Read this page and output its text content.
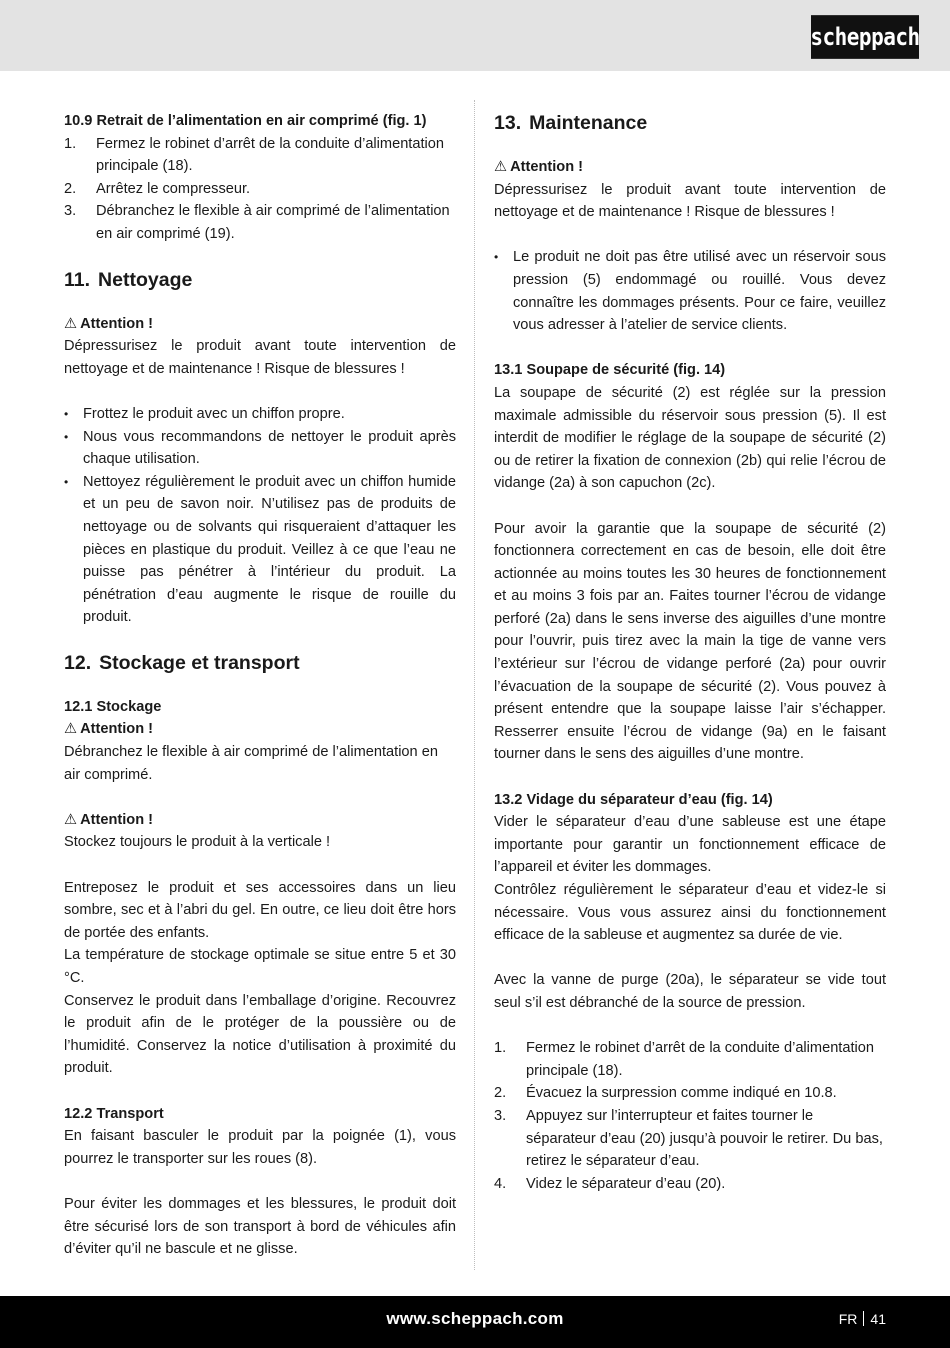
scheppach
10.9 Retrait de l’alimentation en air comprimé (fig. 1)
1. Fermez le robinet d’arrêt de la conduite d’alimentation principale (18).
2. Arrêtez le compresseur.
3. Débranchez le flexible à air comprimé de l’alimentation en air comprimé (19).
11. Nettoyage

⚠ Attention !

Dépressurisez le produit avant toute intervention de nettoyage et de maintenance ! Risque de blessures !

• Frottez le produit avec un chiffon propre.
• Nous vous recommandons de nettoyer le produit après chaque utilisation.
• Nettoyez régulièrement le produit avec un chiffon humide et un peu de savon noir. N’utilisez pas de produits de nettoyage ou de solvants qui risqueraient d’attaquer les pièces en plastique du produit. Veillez à ce que l’eau ne puisse pas pénétrer à l’intérieur du produit. La pénétration d’eau augmente le risque de rouille du produit.
12. Stockage et transport
12.1 Stockage

⚠ Attention !

Débranchez le flexible à air comprimé de l’alimentation en air comprimé.

⚠ Attention !

Stockez toujours le produit à la verticale !

Entreposez le produit et ses accessoires dans un lieu sombre, sec et à l’abri du gel. En outre, ce lieu doit être hors de portée des enfants.

La température de stockage optimale se situe entre 5 et 30 °C.

Conservez le produit dans l’emballage d’origine. Recouvrez le produit afin de le protéger de la poussière ou de l’humidité. Conservez la notice d’utilisation à proximité du produit.

12.2 Transport

En faisant basculer le produit par la poignée (1), vous pourrez le transporter sur les roues (8).

Pour éviter les dommages et les blessures, le produit doit être sécurisé lors de son transport à bord de véhicules afin d’éviter qu’il ne bascule et ne glisse.

13. Maintenance

⚠ Attention !

Dépressurisez le produit avant toute intervention de nettoyage et de maintenance ! Risque de blessures !

• Le produit ne doit pas être utilisé avec un réservoir sous pression (5) endommagé ou rouillé. Vous devez connaître les dommages présents. Pour ce faire, veuillez vous adresser à l’atelier de service clients.
13.1 Soupape de sécurité (fig. 14)

La soupape de sécurité (2) est réglée sur la pression maximale admissible du réservoir sous pression (5). Il est interdit de modifier le réglage de la soupape de sécurité (2) ou de retirer la fixation de connexion (2b) qui relie l’écrou de vidange (2a) à son capuchon (2c).

Pour avoir la garantie que la soupape de sécurité (2) fonctionnera correctement en cas de besoin, elle doit être actionnée au moins toutes les 30 heures de fonctionnement et au moins 3 fois par an. Faites tourner l’écrou de vidange perforé (2a) dans le sens inverse des aiguilles d’une montre pour l’ouvrir, puis tirez avec la main la tige de vanne vers l’extérieur sur l’écrou de vidange perforé (2a) pour ouvrir l’évacuation de la soupape de sécurité (2). Vous pouvez à présent entendre que la soupape laisse l’air s’échapper. Resserrer ensuite l’écrou de vidange (9a) en le faisant tourner dans le sens des aiguilles d’une montre.

13.2 Vidage du séparateur d’eau (fig. 14)

Vider le séparateur d’eau d’une sableuse est une étape importante pour garantir un fonctionnement efficace de l’appareil et éviter les dommages.

Contrôlez régulièrement le séparateur d’eau et videz-le si nécessaire. Vous vous assurez ainsi du fonctionnement efficace de la sableuse et augmentez sa durée de vie.

Avec la vanne de purge (20a), le séparateur se vide tout seul s’il est débranché de la source de pression.

1. Fermez le robinet d’arrêt de la conduite d’alimentation principale (18).
2. Évacuez la surpression comme indiqué en 10.8.
3. Appuyez sur l’interrupteur et faites tourner le séparateur d’eau (20) jusqu’à pouvoir le retirer. Du bas, retirez le séparateur d’eau.
4. Videz le séparateur d’eau (20).
www.scheppach.com	FR 41
